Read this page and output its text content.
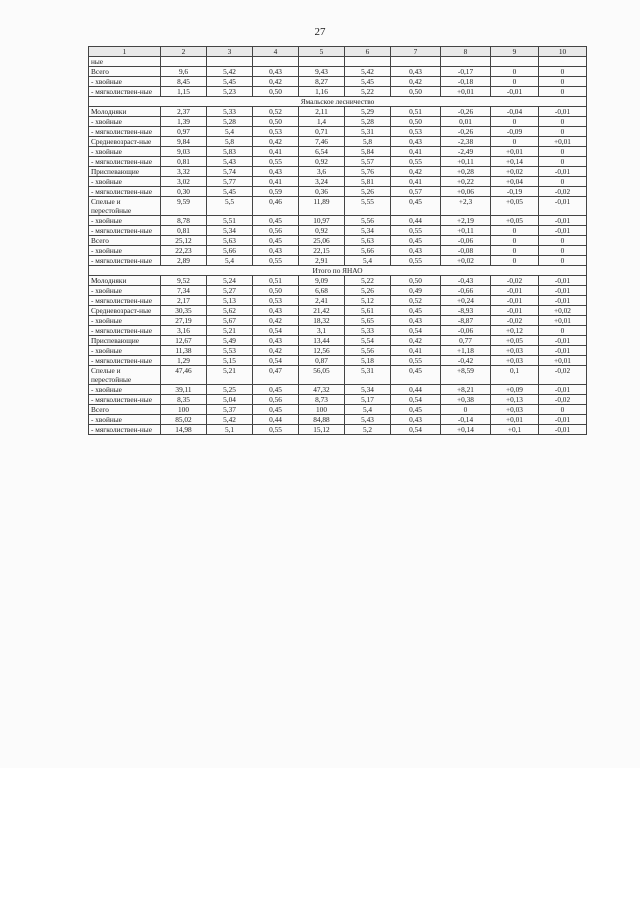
27
1	2	3	4	5	6	7	8	9	10
ные									
Всего	9,6	5,42	0,43	9,43	5,42	0,43	-0,17	0	0
- хвойные	8,45	5,45	0,42	8,27	5,45	0,42	-0,18	0	0
- мягколиствен-ные	1,15	5,23	0,50	1,16	5,22	0,50	+0,01	-0,01	0
Ямальское лесничество									
Молодняки	2,37	5,33	0,52	2,11	5,29	0,51	-0,26	-0,04	-0,01
- хвойные	1,39	5,28	0,50	1,4	5,28	0,50	0,01	0	0
- мягколиствен-ные	0,97	5,4	0,53	0,71	5,31	0,53	-0,26	-0,09	0
Средневозраст-ные	9,84	5,8	0,42	7,46	5,8	0,43	-2,38	0	+0,01
- хвойные	9,03	5,83	0,41	6,54	5,84	0,41	-2,49	+0,01	0
- мягколиствен-ные	0,81	5,43	0,55	0,92	5,57	0,55	+0,11	+0,14	0
Приспевающие	3,32	5,74	0,43	3,6	5,76	0,42	+0,28	+0,02	-0,01
- хвойные	3,02	5,77	0,41	3,24	5,81	0,41	+0,22	+0,04	0
- мягколиствен-ные	0,30	5,45	0,59	0,36	5,26	0,57	+0,06	-0,19	-0,02
Спелые и перестойные	9,59	5,5	0,46	11,89	5,55	0,45	+2,3	+0,05	-0,01
- хвойные	8,78	5,51	0,45	10,97	5,56	0,44	+2,19	+0,05	-0,01
- мягколиствен-ные	0,81	5,34	0,56	0,92	5,34	0,55	+0,11	0	-0,01
Всего	25,12	5,63	0,45	25,06	5,63	0,45	-0,06	0	0
- хвойные	22,23	5,66	0,43	22,15	5,66	0,43	-0,08	0	0
- мягколиствен-ные	2,89	5,4	0,55	2,91	5,4	0,55	+0,02	0	0
Итого по ЯНАО									
Молодняки	9,52	5,24	0,51	9,09	5,22	0,50	-0,43	-0,02	-0,01
- хвойные	7,34	5,27	0,50	6,68	5,26	0,49	-0,66	-0,01	-0,01
- мягколиствен-ные	2,17	5,13	0,53	2,41	5,12	0,52	+0,24	-0,01	-0,01
Средневозраст-ные	30,35	5,62	0,43	21,42	5,61	0,45	-8,93	-0,01	+0,02
- хвойные	27,19	5,67	0,42	18,32	5,65	0,43	-8,87	-0,02	+0,01
- мягколиствен-ные	3,16	5,21	0,54	3,1	5,33	0,54	-0,06	+0,12	0
Приспевающие	12,67	5,49	0,43	13,44	5,54	0,42	0,77	+0,05	-0,01
- хвойные	11,38	5,53	0,42	12,56	5,56	0,41	+1,18	+0,03	-0,01
- мягколиствен-ные	1,29	5,15	0,54	0,87	5,18	0,55	-0,42	+0,03	+0,01
Спелые и перестойные	47,46	5,21	0,47	56,05	5,31	0,45	+8,59	0,1	-0,02
- хвойные	39,11	5,25	0,45	47,32	5,34	0,44	+8,21	+0,09	-0,01
- мягколиствен-ные	8,35	5,04	0,56	8,73	5,17	0,54	+0,38	+0,13	-0,02
Всего	100	5,37	0,45	100	5,4	0,45	0	+0,03	0
- хвойные	85,02	5,42	0,44	84,88	5,43	0,43	-0,14	+0,01	-0,01
- мягколиствен-ные	14,98	5,1	0,55	15,12	5,2	0,54	+0,14	+0,1	-0,01
